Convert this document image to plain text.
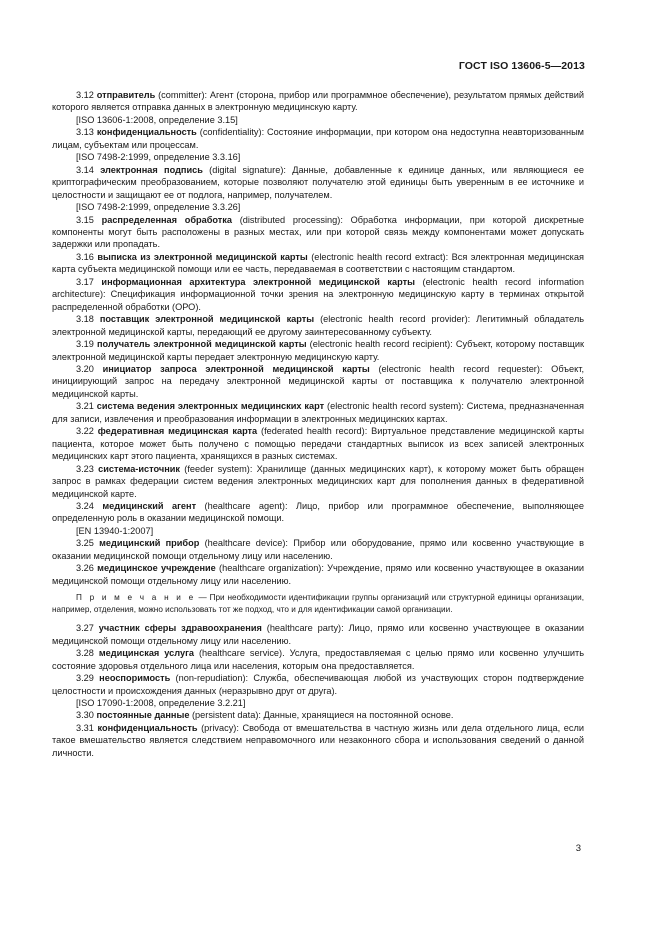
ГОСТ ISO 13606-5—2013

3.12 отправитель (committer): Агент (сторона, прибор или программное обеспечение), результатом прямых действий которого является отправка данных в электронную медицинскую карту.

[ISO 13606-1:2008, определение 3.15]

3.13 конфиденциальность (confidentiality): Состояние информации, при котором она недоступна неавторизованным лицам, субъектам или процессам.

[ISO 7498-2:1999, определение 3.3.16]

3.14 электронная подпись (digital signature): Данные, добавленные к единице данных, или являющиеся ее криптографическим преобразованием, которые позволяют получателю этой единицы быть уверенным в ее источнике и целостности и защищают ее от подлога, например, получателем.

[ISO 7498-2:1999, определение 3.3.26]

3.15 распределенная обработка (distributed processing): Обработка информации, при которой дискретные компоненты могут быть расположены в разных местах, или при которой связь между компонентами может допускать задержки или пропадать.

3.16 выписка из электронной медицинской карты (electronic health record extract): Вся электронная медицинская карта субъекта медицинской помощи или ее часть, передаваемая в соответствии с настоящим стандартом.

3.17 информационная архитектура электронной медицинской карты (electronic health record information architecture): Спецификация информационной точки зрения на электронную медицинскую карту в терминах открытой распределенной обработки (ОРО).

3.18 поставщик электронной медицинской карты (electronic health record provider): Легитимный обладатель электронной медицинской карты, передающий ее другому заинтересованному субъекту.

3.19 получатель электронной медицинской карты (electronic health record recipient): Субъект, которому поставщик электронной медицинской карты передает электронную медицинскую карту.

3.20 инициатор запроса электронной медицинской карты (electronic health record requester): Объект, инициирующий запрос на передачу электронной медицинской карты от поставщика к получателю электронной медицинской карты.

3.21 система ведения электронных медицинских карт (electronic health record system): Система, предназначенная для записи, извлечения и преобразования информации в электронных медицинских картах.

3.22 федеративная медицинская карта (federated health record): Виртуальное представление медицинской карты пациента, которое может быть получено с помощью передачи стандартных выписок из всех записей электронных медицинских карт этого пациента, хранящихся в разных системах.

3.23 система-источник (feeder system): Хранилище (данных медицинских карт), к которому может быть обращен запрос в рамках федерации систем ведения электронных медицинских карт для пополнения данных в федеративной медицинской карте.

3.24 медицинский агент (healthcare agent): Лицо, прибор или программное обеспечение, выполняющее определенную роль в оказании медицинской помощи.

[EN 13940-1:2007]

3.25 медицинский прибор (healthcare device): Прибор или оборудование, прямо или косвенно участвующие в оказании медицинской помощи отдельному лицу или населению.

3.26 медицинское учреждение (healthcare organization): Учреждение, прямо или косвенно участвующее в оказании медицинской помощи отдельному лицу или населению.

П р и м е ч а н и е — При необходимости идентификации группы организаций или структурной единицы организации, например, отделения, можно использовать тот же подход, что и для идентификации самой организации.

3.27 участник сферы здравоохранения (healthcare party): Лицо, прямо или косвенно участвующее в оказании медицинской помощи отдельному лицу или населению.

3.28 медицинская услуга (healthcare service). Услуга, предоставляемая с целью прямо или косвенно улучшить состояние здоровья отдельного лица или населения, которым она предоставляется.

3.29 неоспоримость (non-repudiation): Служба, обеспечивающая любой из участвующих сторон подтверждение целостности и происхождения данных (неразрывно друг от друга).

[ISO 17090-1:2008, определение 3.2.21]

3.30 постоянные данные (persistent data): Данные, хранящиеся на постоянной основе.

3.31 конфиденциальность (privacy): Свобода от вмешательства в частную жизнь или дела отдельного лица, если такое вмешательство является следствием неправомочного или незаконного сбора и использования сведений о данной личности.

3
